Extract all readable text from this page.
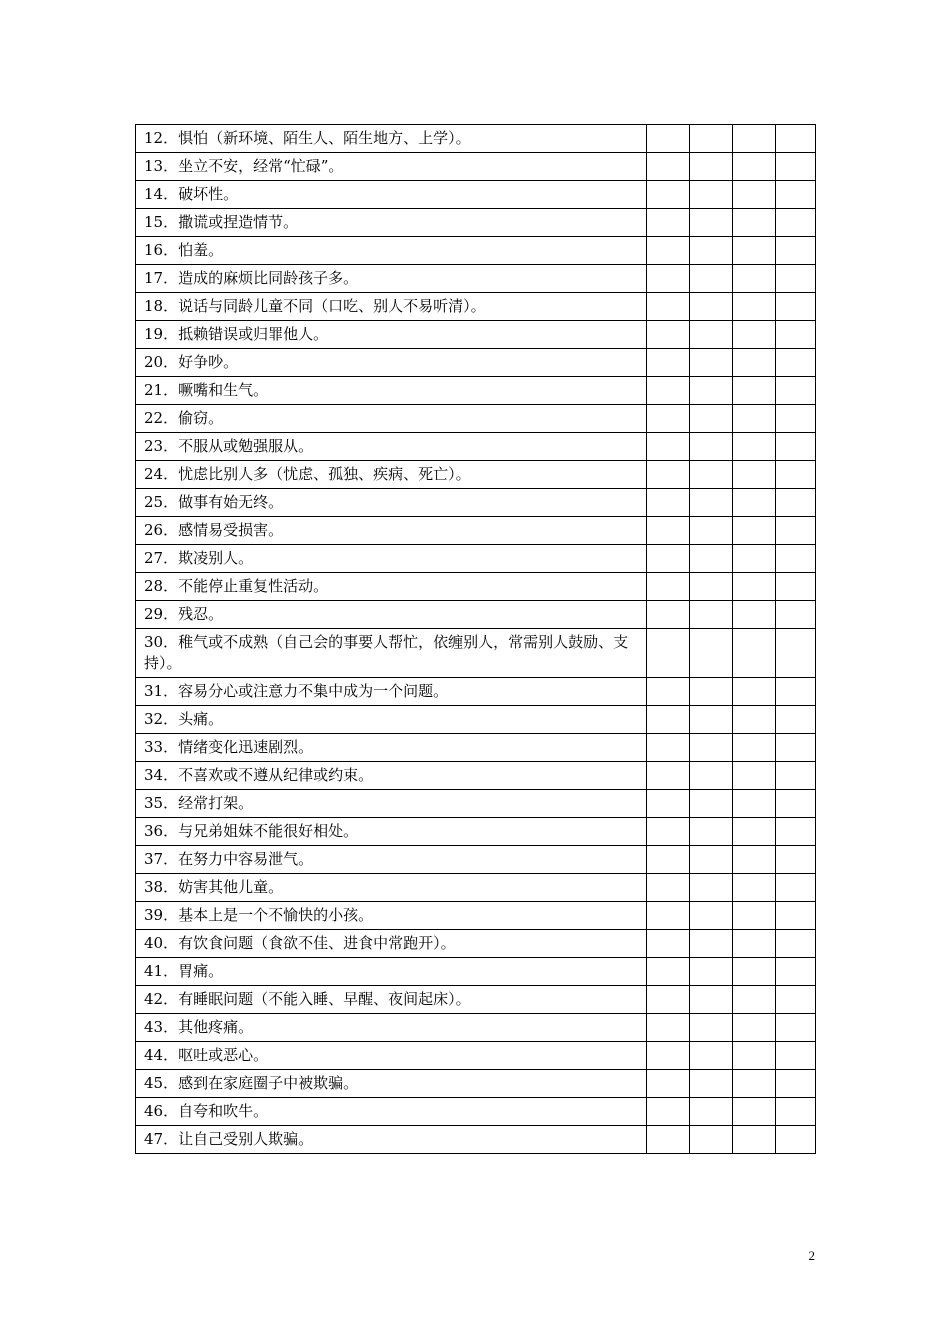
12．惧怕（新环境、陌生人、陌生地方、上学）。				
13．坐立不安，经常“忙碌”。				
14．破坏性。				
15．撒谎或捏造情节。				
16．怕羞。				
17．造成的麻烦比同龄孩子多。				
18．说话与同龄儿童不同（口吃、别人不易听清）。				
19．抵赖错误或归罪他人。				
20．好争吵。				
21．噘嘴和生气。				
22．偷窃。				
23．不服从或勉强服从。				
24．忧虑比别人多（忧虑、孤独、疾病、死亡）。				
25．做事有始无终。				
26．感情易受损害。				
27．欺凌别人。				
28．不能停止重复性活动。				
29．残忍。				
30．稚气或不成熟（自己会的事要人帮忙，依缠别人，常需别人鼓励、支持）。				
31．容易分心或注意力不集中成为一个问题。				
32．头痛。				
33．情绪变化迅速剧烈。				
34．不喜欢或不遵从纪律或约束。				
35．经常打架。				
36．与兄弟姐妹不能很好相处。				
37．在努力中容易泄气。				
38．妨害其他儿童。				
39．基本上是一个不愉快的小孩。				
40．有饮食问题（食欲不佳、进食中常跑开）。				
41．胃痛。				
42．有睡眠问题（不能入睡、早醒、夜间起床）。				
43．其他疼痛。				
44．呕吐或恶心。				
45．感到在家庭圈子中被欺骗。				
46．自夸和吹牛。				
47．让自己受别人欺骗。				
2
